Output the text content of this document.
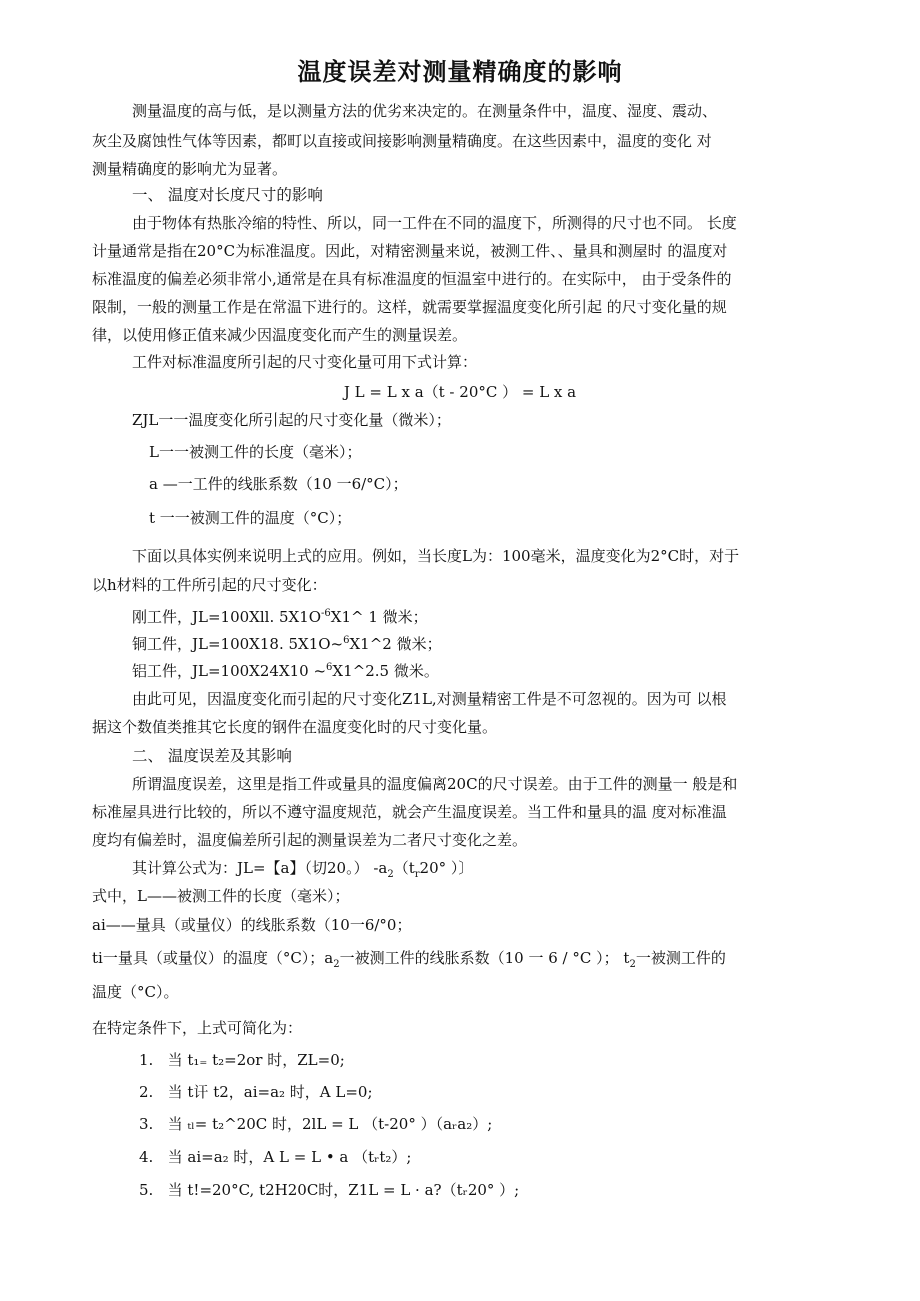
温度误差对测量精确度的影响
测量温度的高与低，是以测量方法的优劣来决定的。在测量条件中，温度、湿度、震动、
灰尘及腐蚀性气体等因素，都町以直接或间接影响测量精确度。在这些因素中，温度的变化 对
测量精确度的影响尤为显著。
一、 温度对长度尺寸的影响
由于物体有热胀冷缩的特性、所以，同一工件在不同的温度下，所测得的尺寸也不同。 长度
计量通常是指在20°C为标准温度。因此，对精密测量来说，被测工件、、量具和测屋时 的温度对
标准温度的偏差必须非常小,通常是在具有标准温度的恒温室中进行的。在实际中， 由于受条件的
限制，一般的测量工作是在常温下进行的。这样，就需要掌握温度变化所引起 的尺寸变化量的规
律，以使用修正值来减少因温度变化而产生的测量误差。
工件对标准温度所引起的尺寸变化量可用下式计算：
J L = L x a（t - 20°C ） = L x a
ZJL一一温度变化所引起的尺寸变化量（微米）；
L一一被测工件的长度（毫米）；
a —一工件的线胀系数（10 一6/°C）；
t 一一被测工件的温度（°C）；
下面以具体实例来说明上式的应用。例如，当长度L为：100毫米，温度变化为2°C时，对于
以h材料的工件所引起的尺寸变化：
刚工件，JL=100Xll. $5X1O^{-6}X1\^{}$ 1 微米；
铜工件，JL=100X18. 5X1O~$^6$X1^2 微米；
铝工件，JL=100X24X10 ~$^6$X1^2.5 微米。
由此可见，因温度变化而引起的尺寸变化Z1L,对测量精密工件是不可忽视的。因为可 以根
据这个数值类推其它长度的钢件在温度变化时的尺寸变化量。
二、 温度误差及其影响
所谓温度误差，这里是指工件或量具的温度偏离20C的尺寸误差。由于工件的测量一 般是和
标准屋具进行比较的，所以不遵守温度规范，就会产生温度误差。当工件和量具的温 度对标准温
度均有偏差时，温度偏差所引起的测量误差为二者尺寸变化之差。
其计算公式为：JL=【a】（切20。） $-a_2(t_r20^\circ$ ）〕
式中，L——被测工件的长度（毫米）；
ai——量具（或量仪）的线胀系数（10一6/°0；
ti一量具（或量仪）的温度（°C）；$a_2$一被测工件的线胀系数（10 一 6 / °C ）； $t_2$一被测工件的
温度（°C）。
在特定条件下，上式可简化为：
1. 当 t₁₌ t₂=2or 时，ZL=0;
2. 当 t讦 t2，ai=a₂ 时，A L=0;
3. 当 ₜₗ= t₂^20C 时，2lL = L （t-20° ）（aᵣa₂）;
4. 当 ai=a₂ 时，A L = L • a （tᵣt₂）;
5. 当 t!=20°C, t2H20C时，Z1L = L · a?（tᵣ20° ）;
